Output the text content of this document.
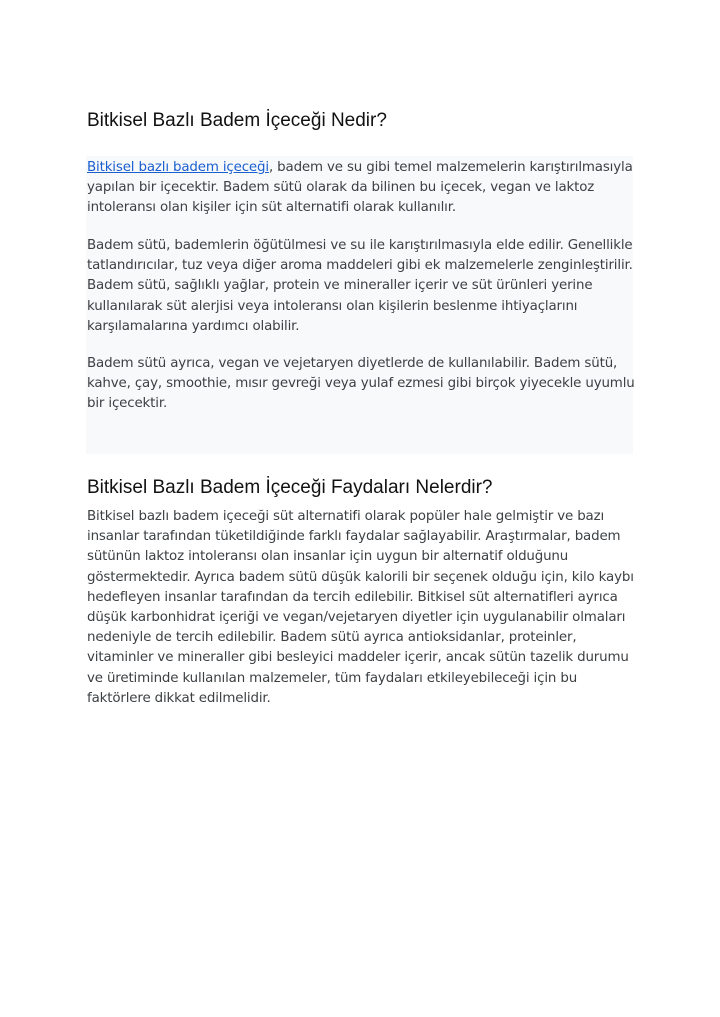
Bitkisel Bazlı Badem İçeceği Nedir?

Bitkisel bazlı badem içeceği, badem ve su gibi temel malzemelerin karıştırılmasıyla yapılan bir içecektir. Badem sütü olarak da bilinen bu içecek, vegan ve laktoz intoleransı olan kişiler için süt alternatifi olarak kullanılır.

Badem sütü, bademlerin öğütülmesi ve su ile karıştırılmasıyla elde edilir. Genellikle tatlandırıcılar, tuz veya diğer aroma maddeleri gibi ek malzemelerle zenginleştirilir. Badem sütü, sağlıklı yağlar, protein ve mineraller içerir ve süt ürünleri yerine kullanılarak süt alerjisi veya intoleransı olan kişilerin beslenme ihtiyaçlarını karşılamalarına yardımcı olabilir.

Badem sütü ayrıca, vegan ve vejetaryen diyetlerde de kullanılabilir. Badem sütü, kahve, çay, smoothie, mısır gevreği veya yulaf ezmesi gibi birçok yiyecekle uyumlu bir içecektir.

Bitkisel Bazlı Badem İçeceği Faydaları Nelerdir?

Bitkisel bazlı badem içeceği süt alternatifi olarak popüler hale gelmiştir ve bazı insanlar tarafından tüketildiğinde farklı faydalar sağlayabilir. Araştırmalar, badem sütünün laktoz intoleransı olan insanlar için uygun bir alternatif olduğunu göstermektedir. Ayrıca badem sütü düşük kalorili bir seçenek olduğu için, kilo kaybı hedefleyen insanlar tarafından da tercih edilebilir. Bitkisel süt alternatifleri ayrıca düşük karbonhidrat içeriği ve vegan/vejetaryen diyetler için uygulanabilir olmaları nedeniyle de tercih edilebilir. Badem sütü ayrıca antioksidanlar, proteinler, vitaminler ve mineraller gibi besleyici maddeler içerir, ancak sütün tazelik durumu ve üretiminde kullanılan malzemeler, tüm faydaları etkileyebileceği için bu faktörlere dikkat edilmelidir.
